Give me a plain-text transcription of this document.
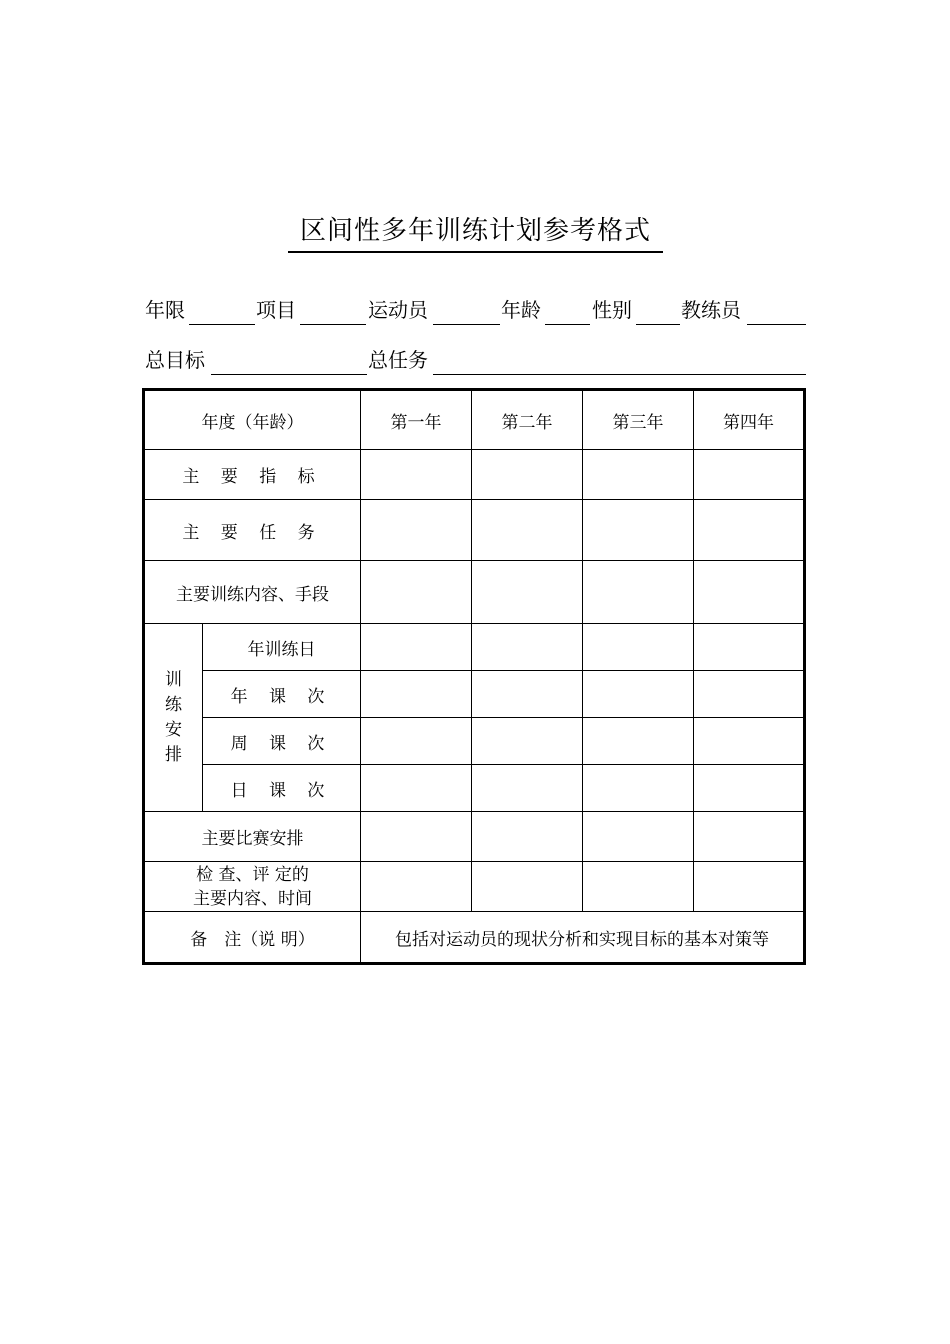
区间性多年训练计划参考格式
年限	项目	运动员	年龄	性别 教练员
总目标	总任务
年度（年龄）		第一年	第二年	第三年	第四年
主 要 指 标					
主 要 任 务					
主要训练内容、手段					

训
练
安
排	年训练日				
	年 课 次				
	周 课 次				
	日 课 次				
主要比赛安排					

检 查、评 定的
主要内容、时间					

备　注（说 明）		包括对运动员的现状分析和实现目标的基本对策等			
